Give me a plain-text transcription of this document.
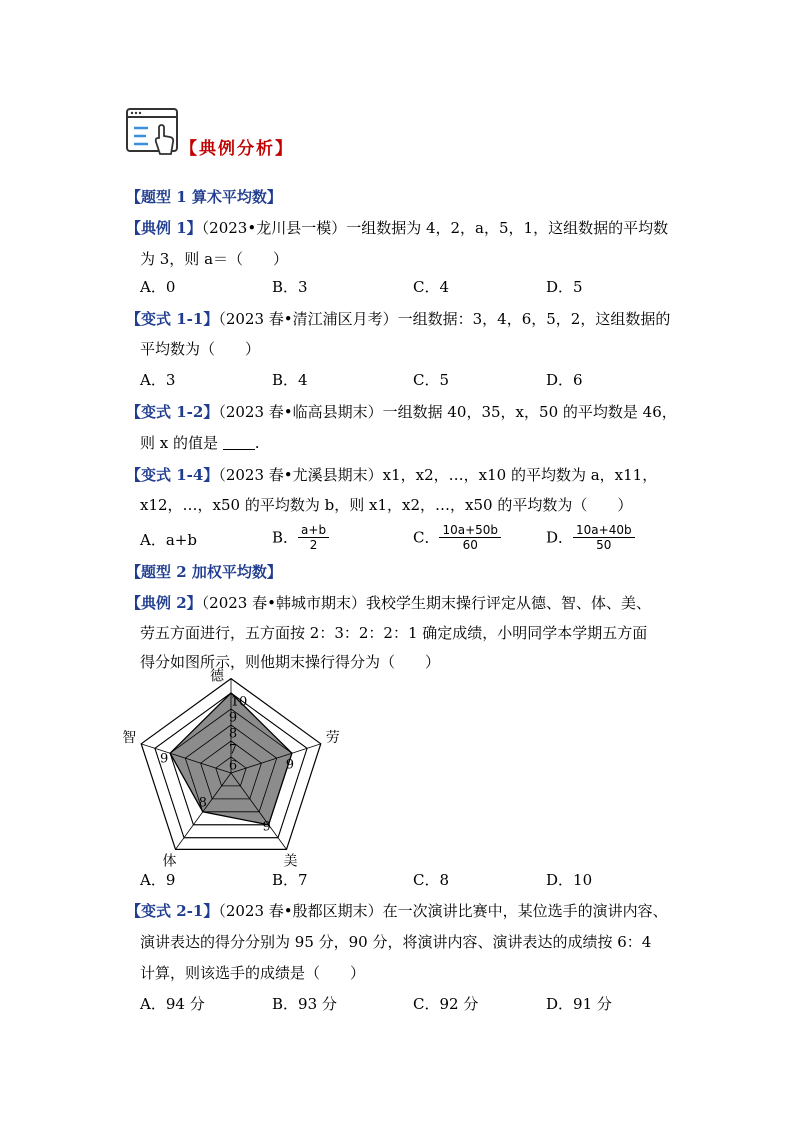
【典例分析】
【题型 1 算术平均数】
【典例 1】（2023•龙川县一模）一组数据为 4，2，a，5，1，这组数据的平均数
为 3，则 a＝（　　）
A．0	B．3	C．4	D．5
【变式 1-1】（2023 春•清江浦区月考）一组数据：3，4，6，5，2，这组数据的
平均数为（　　）
A．3	B．4	C．5	D．6
【变式 1-2】（2023 春•临高县期末）一组数据 40，35，x，50 的平均数是 46，
则 x 的值是 .
【变式 1-4】（2023 春•尤溪县期末）x1，x2，…，x10 的平均数为 a，x11，
x12，…，x50 的平均数为 b，则 x1，x2，…，x50 的平均数为（　　）
A．a+b	B． $\frac{a+b}{2}$	C． $\frac{10a+50b}{60}$	D． $\frac{10a+40b}{50}$
【题型 2 加权平均数】
【典例 2】（2023 春•韩城市期末）我校学生期末操行评定从德、智、体、美、
劳五方面进行，五方面按 2：3：2：2：1 确定成绩，小明同学本学期五方面
得分如图所示，则他期末操行得分为（　　）
10
9
8
7
6	9
9
8
9
德
劳
美
体
智
A．9	B．7	C．8	D．10
【变式 2-1】（2023 春•殷都区期末）在一次演讲比赛中，某位选手的演讲内容、
演讲表达的得分分别为 95 分，90 分，将演讲内容、演讲表达的成绩按 6：4
计算，则该选手的成绩是（　　）
A．94 分	B．93 分	C．92 分	D．91 分
